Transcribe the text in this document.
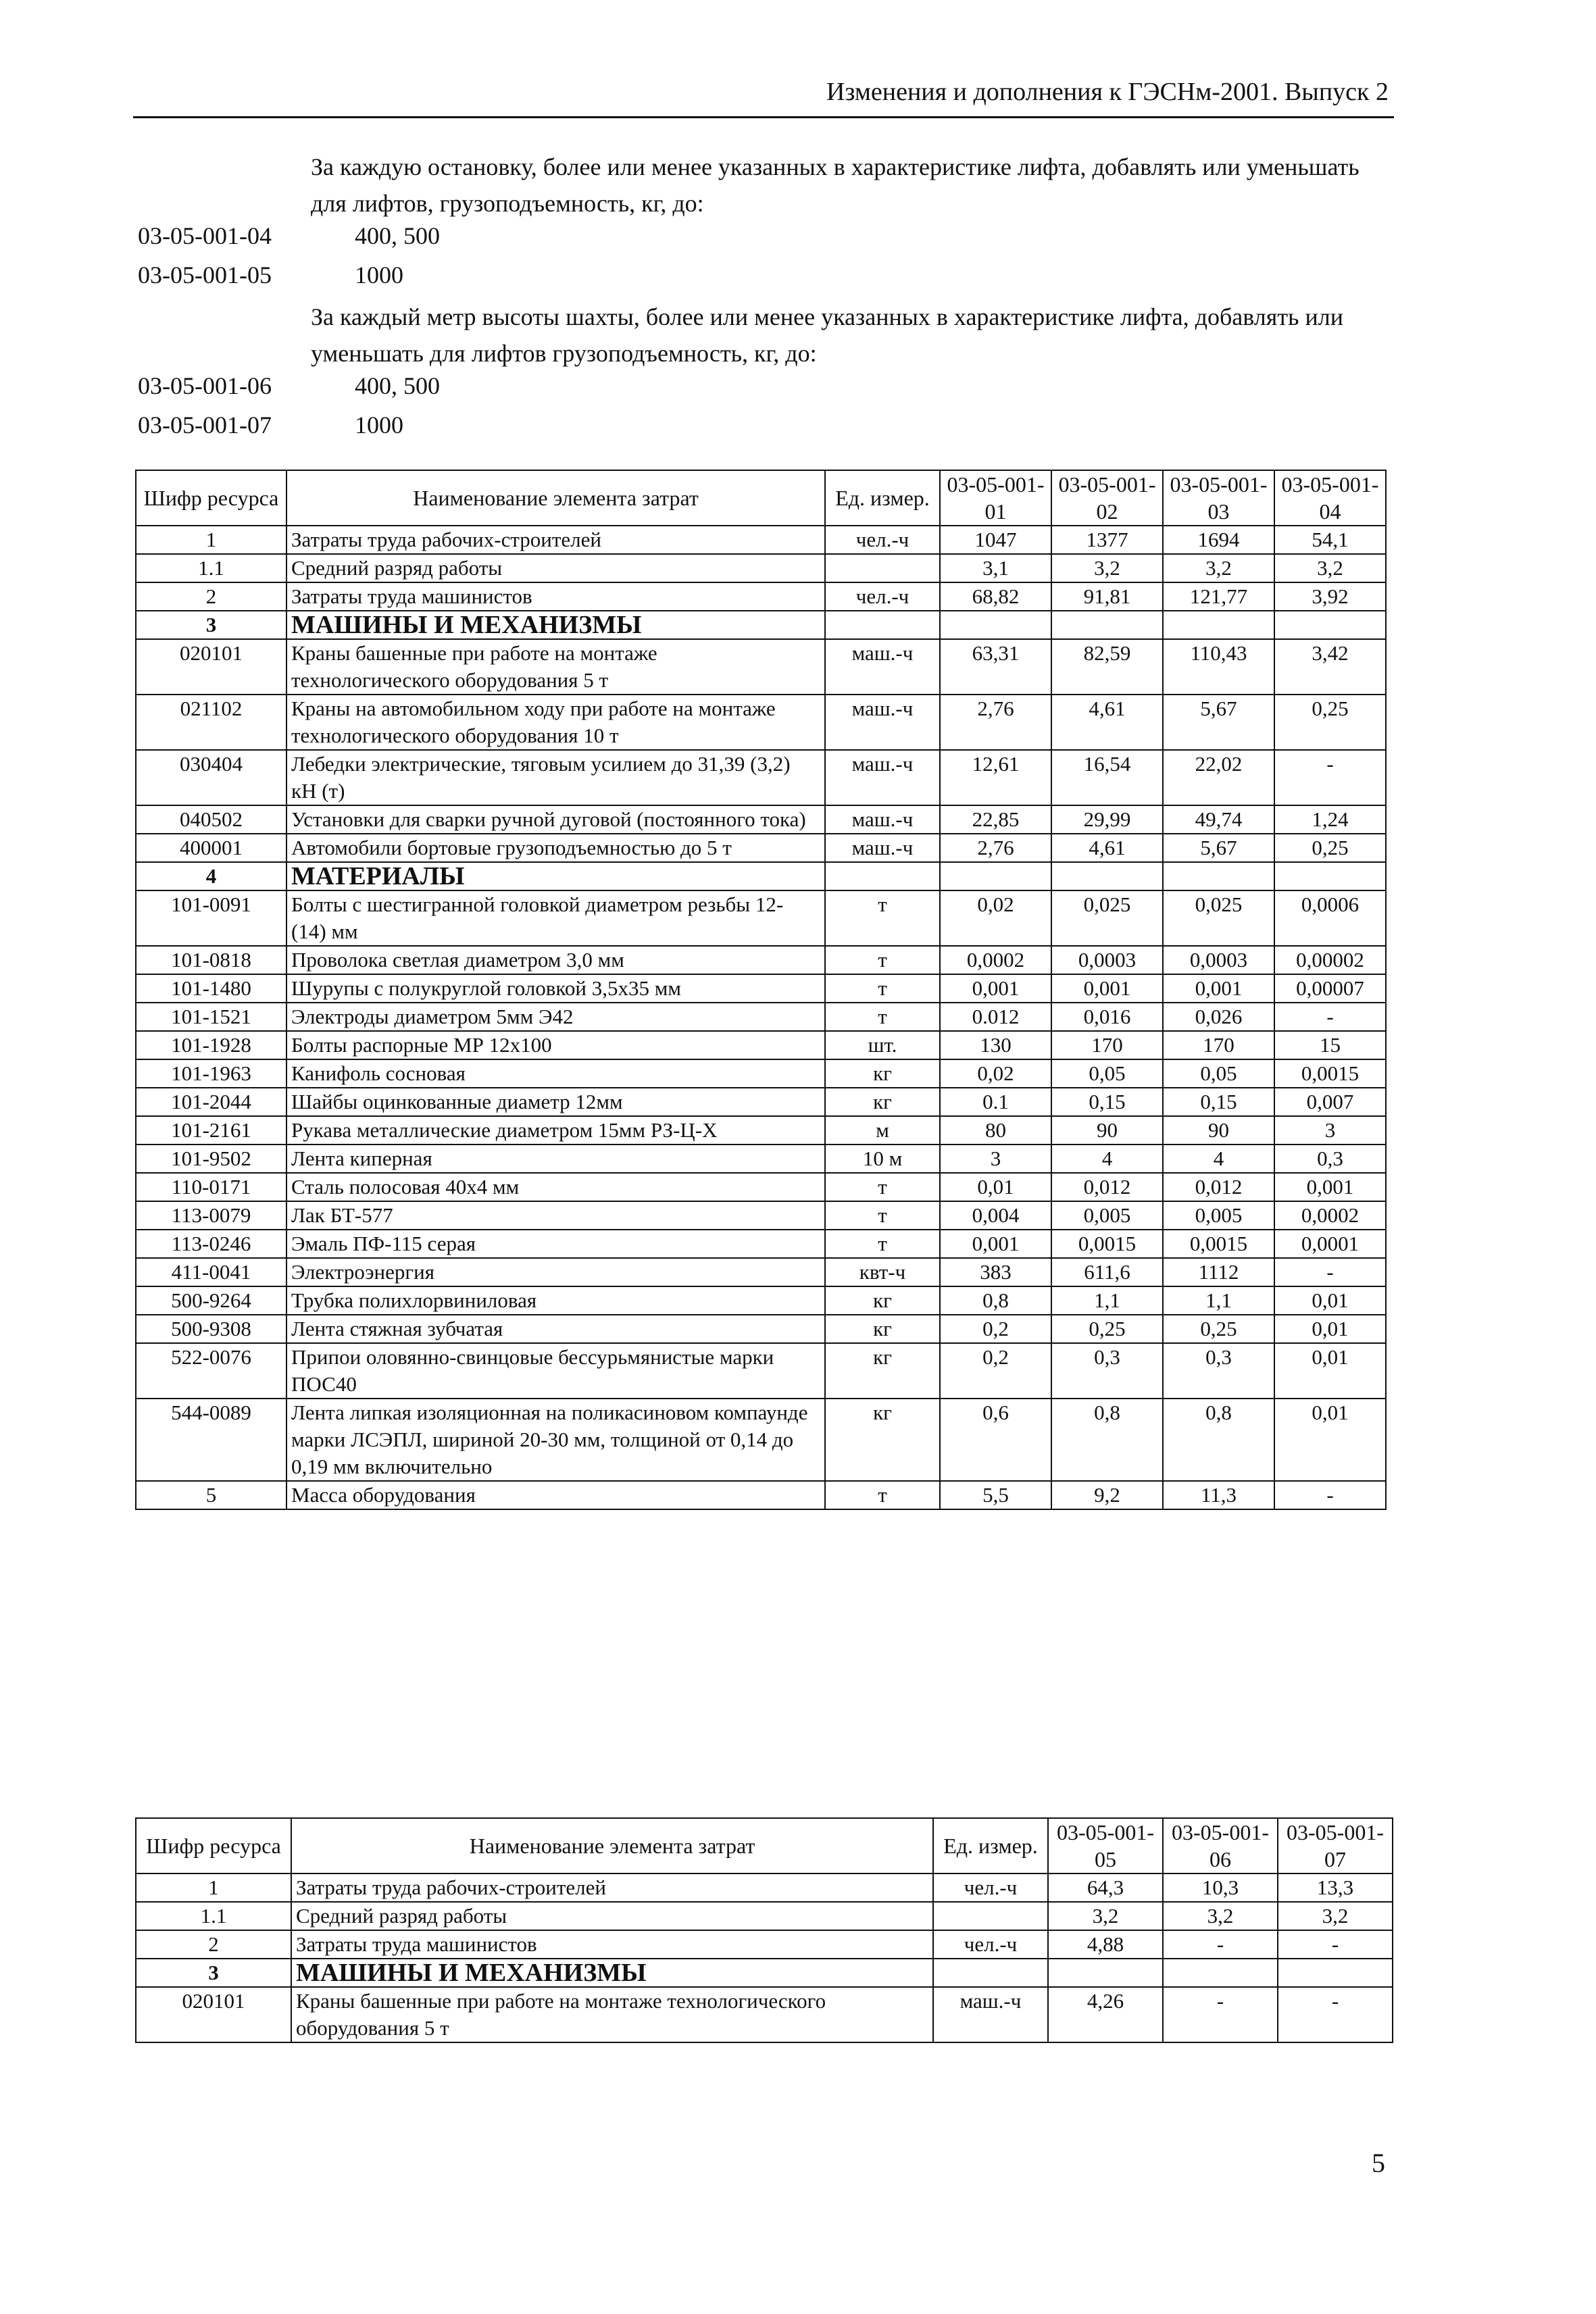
Изменения и дополнения к ГЭСНм-2001. Выпуск 2
За каждую остановку, более или менее указанных в характеристике лифта, добавлять или уменьшать для лифтов, грузоподъемность, кг, до:
03-05-001-04	400, 500
03-05-001-05	1000
За каждый метр высоты шахты, более или менее указанных в характеристике лифта, добавлять или уменьшать для лифтов грузоподъемность, кг, до:
03-05-001-06	400, 500
03-05-001-07	1000
Шифр ресурса	Наименование элемента затрат	Ед. измер.	03-05-001-01	03-05-001-02	03-05-001-03	03-05-001-04
1	Затраты труда рабочих-строителей	чел.-ч	1047	1377	1694	54,1
1.1	Средний разряд работы		3,1	3,2	3,2	3,2
2	Затраты труда машинистов	чел.-ч	68,82	91,81	121,77	3,92
3	МАШИНЫ И МЕХАНИЗМЫ					
020101	Краны башенные при работе на монтаже технологического оборудования 5 т	маш.-ч	63,31	82,59	110,43	3,42
021102	Краны на автомобильном ходу при работе на монтаже технологического оборудования 10 т	маш.-ч	2,76	4,61	5,67	0,25
030404	Лебедки электрические, тяговым усилием до 31,39 (3,2) кН (т)	маш.-ч	12,61	16,54	22,02	-
040502	Установки для сварки ручной дуговой (постоянного тока)	маш.-ч	22,85	29,99	49,74	1,24
400001	Автомобили бортовые грузоподъемностью до 5 т	маш.-ч	2,76	4,61	5,67	0,25
4	МАТЕРИАЛЫ					
101-0091	Болты с шестигранной головкой диаметром резьбы 12- (14) мм	т	0,02	0,025	0,025	0,0006
101-0818	Проволока светлая диаметром 3,0 мм	т	0,0002	0,0003	0,0003	0,00002
101-1480	Шурупы с полукруглой головкой 3,5х35 мм	т	0,001	0,001	0,001	0,00007
101-1521	Электроды диаметром 5мм Э42	т	0.012	0,016	0,026	-
101-1928	Болты распорные МР 12х100	шт.	130	170	170	15
101-1963	Канифоль сосновая	кг	0,02	0,05	0,05	0,0015
101-2044	Шайбы оцинкованные диаметр 12мм	кг	0.1	0,15	0,15	0,007
101-2161	Рукава металлические диаметром 15мм РЗ-Ц-Х	м	80	90	90	3
101-9502	Лента киперная	10 м	3	4	4	0,3
110-0171	Сталь полосовая 40х4 мм	т	0,01	0,012	0,012	0,001
113-0079	Лак БТ-577	т	0,004	0,005	0,005	0,0002
113-0246	Эмаль ПФ-115 серая	т	0,001	0,0015	0,0015	0,0001
411-0041	Электроэнергия	квт-ч	383	611,6	1112	-
500-9264	Трубка полихлорвиниловая	кг	0,8	1,1	1,1	0,01
500-9308	Лента стяжная зубчатая	кг	0,2	0,25	0,25	0,01
522-0076	Припои оловянно-свинцовые бессурьмянистые марки ПОС40	кг	0,2	0,3	0,3	0,01
544-0089	Лента липкая изоляционная на поликасиновом компаунде марки ЛСЭПЛ, шириной 20-30 мм, толщиной от 0,14 до 0,19 мм включительно	кг	0,6	0,8	0,8	0,01
5	Масса оборудования	т	5,5	9,2	11,3	-
Шифр ресурса	Наименование элемента затрат	Ед. измер.	03-05-001-05	03-05-001-06	03-05-001-07
1	Затраты труда рабочих-строителей	чел.-ч	64,3	10,3	13,3
1.1	Средний разряд работы		3,2	3,2	3,2
2	Затраты труда машинистов	чел.-ч	4,88	-	-
3	МАШИНЫ И МЕХАНИЗМЫ				
020101	Краны башенные при работе на монтаже технологического оборудования 5 т	маш.-ч	4,26	-	-
5
